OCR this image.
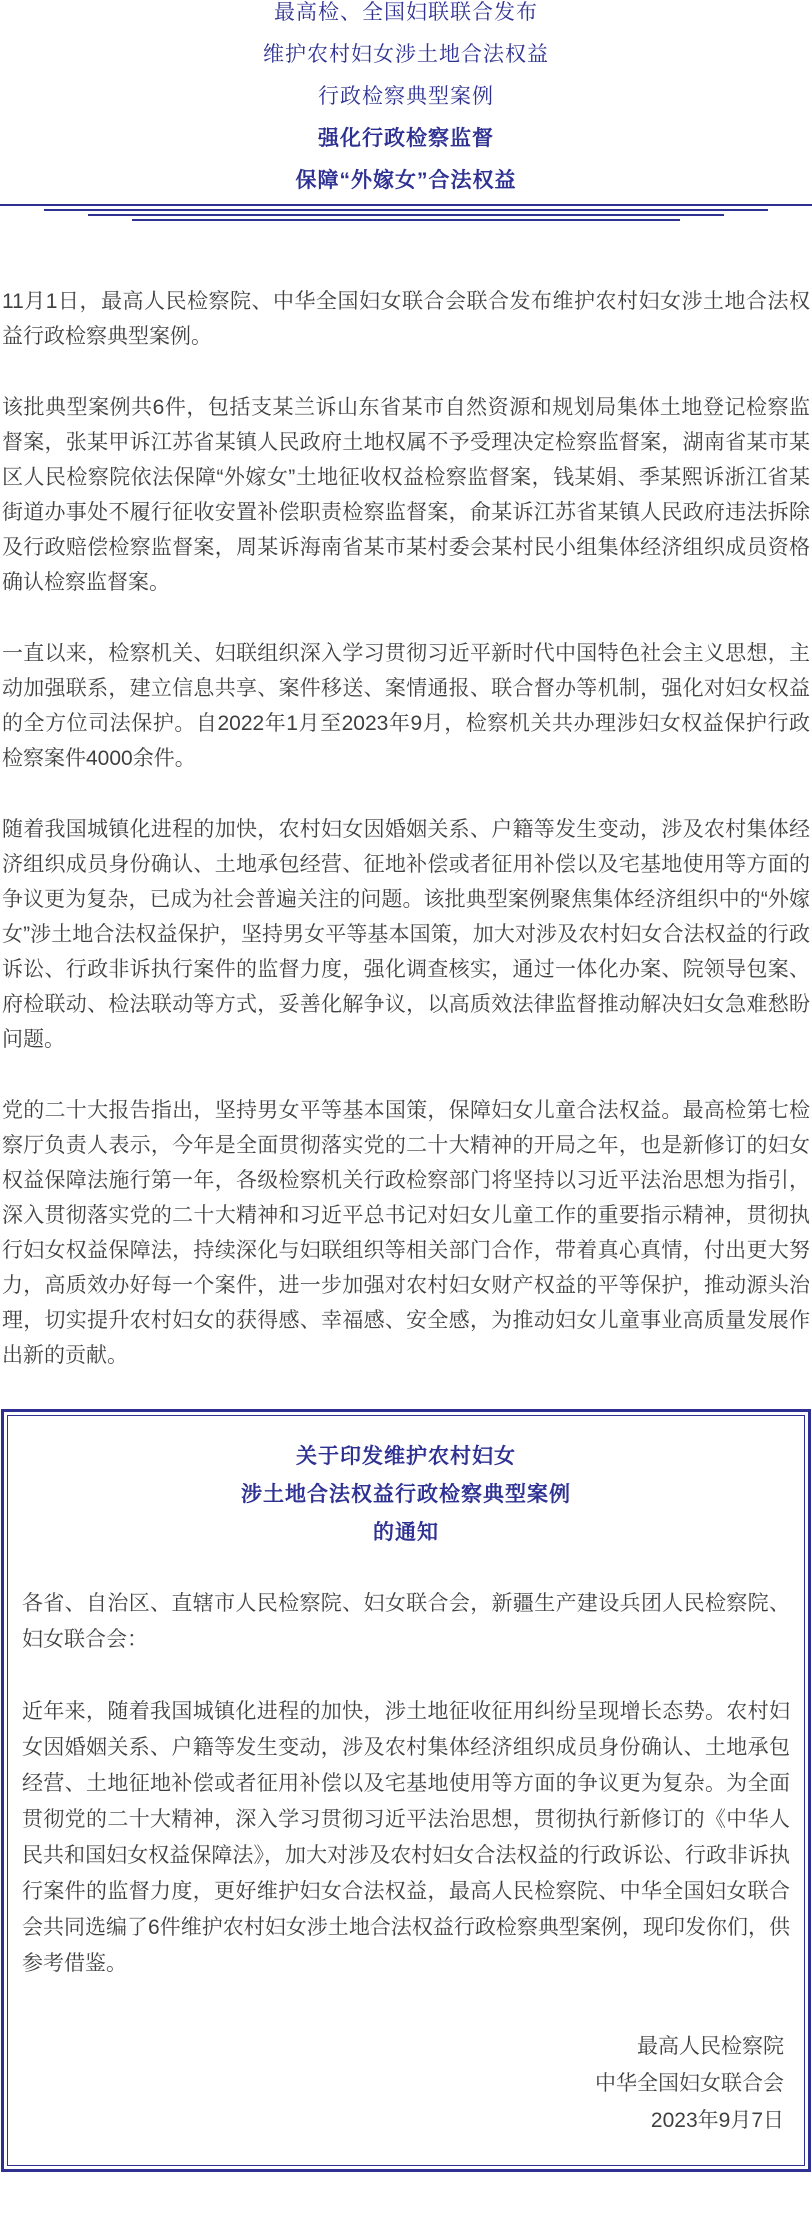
最高检、全国妇联联合发布
维护农村妇女涉土地合法权益
行政检察典型案例
强化行政检察监督
保障“外嫁女”合法权益

11月1日，最高人民检察院、中华全国妇女联合会联合发布维护农村妇女涉土地合法权益行政检察典型案例。

该批典型案例共6件，包括支某兰诉山东省某市自然资源和规划局集体土地登记检察监督案，张某甲诉江苏省某镇人民政府土地权属不予受理决定检察监督案，湖南省某市某区人民检察院依法保障“外嫁女”土地征收权益检察监督案，钱某娟、季某熙诉浙江省某街道办事处不履行征收安置补偿职责检察监督案，俞某诉江苏省某镇人民政府违法拆除及行政赔偿检察监督案，周某诉海南省某市某村委会某村民小组集体经济组织成员资格确认检察监督案。

一直以来，检察机关、妇联组织深入学习贯彻习近平新时代中国特色社会主义思想，主动加强联系，建立信息共享、案件移送、案情通报、联合督办等机制，强化对妇女权益的全方位司法保护。自2022年1月至2023年9月，检察机关共办理涉妇女权益保护行政检察案件4000余件。

随着我国城镇化进程的加快，农村妇女因婚姻关系、户籍等发生变动，涉及农村集体经济组织成员身份确认、土地承包经营、征地补偿或者征用补偿以及宅基地使用等方面的争议更为复杂，已成为社会普遍关注的问题。该批典型案例聚焦集体经济组织中的“外嫁女”涉土地合法权益保护，坚持男女平等基本国策，加大对涉及农村妇女合法权益的行政诉讼、行政非诉执行案件的监督力度，强化调查核实，通过一体化办案、院领导包案、府检联动、检法联动等方式，妥善化解争议，以高质效法律监督推动解决妇女急难愁盼问题。

党的二十大报告指出，坚持男女平等基本国策，保障妇女儿童合法权益。最高检第七检察厅负责人表示，今年是全面贯彻落实党的二十大精神的开局之年，也是新修订的妇女权益保障法施行第一年，各级检察机关行政检察部门将坚持以习近平法治思想为指引，深入贯彻落实党的二十大精神和习近平总书记对妇女儿童工作的重要指示精神，贯彻执行妇女权益保障法，持续深化与妇联组织等相关部门合作，带着真心真情，付出更大努力，高质效办好每一个案件，进一步加强对农村妇女财产权益的平等保护，推动源头治理，切实提升农村妇女的获得感、幸福感、安全感，为推动妇女儿童事业高质量发展作出新的贡献。

关于印发维护农村妇女
涉土地合法权益行政检察典型案例
的通知

各省、自治区、直辖市人民检察院、妇女联合会，新疆生产建设兵团人民检察院、妇女联合会：

近年来，随着我国城镇化进程的加快，涉土地征收征用纠纷呈现增长态势。农村妇女因婚姻关系、户籍等发生变动，涉及农村集体经济组织成员身份确认、土地承包经营、土地征地补偿或者征用补偿以及宅基地使用等方面的争议更为复杂。为全面贯彻党的二十大精神，深入学习贯彻习近平法治思想，贯彻执行新修订的《中华人民共和国妇女权益保障法》，加大对涉及农村妇女合法权益的行政诉讼、行政非诉执行案件的监督力度，更好维护妇女合法权益，最高人民检察院、中华全国妇女联合会共同选编了6件维护农村妇女涉土地合法权益行政检察典型案例，现印发你们，供参考借鉴。

最高人民检察院
中华全国妇女联合会
2023年9月7日
